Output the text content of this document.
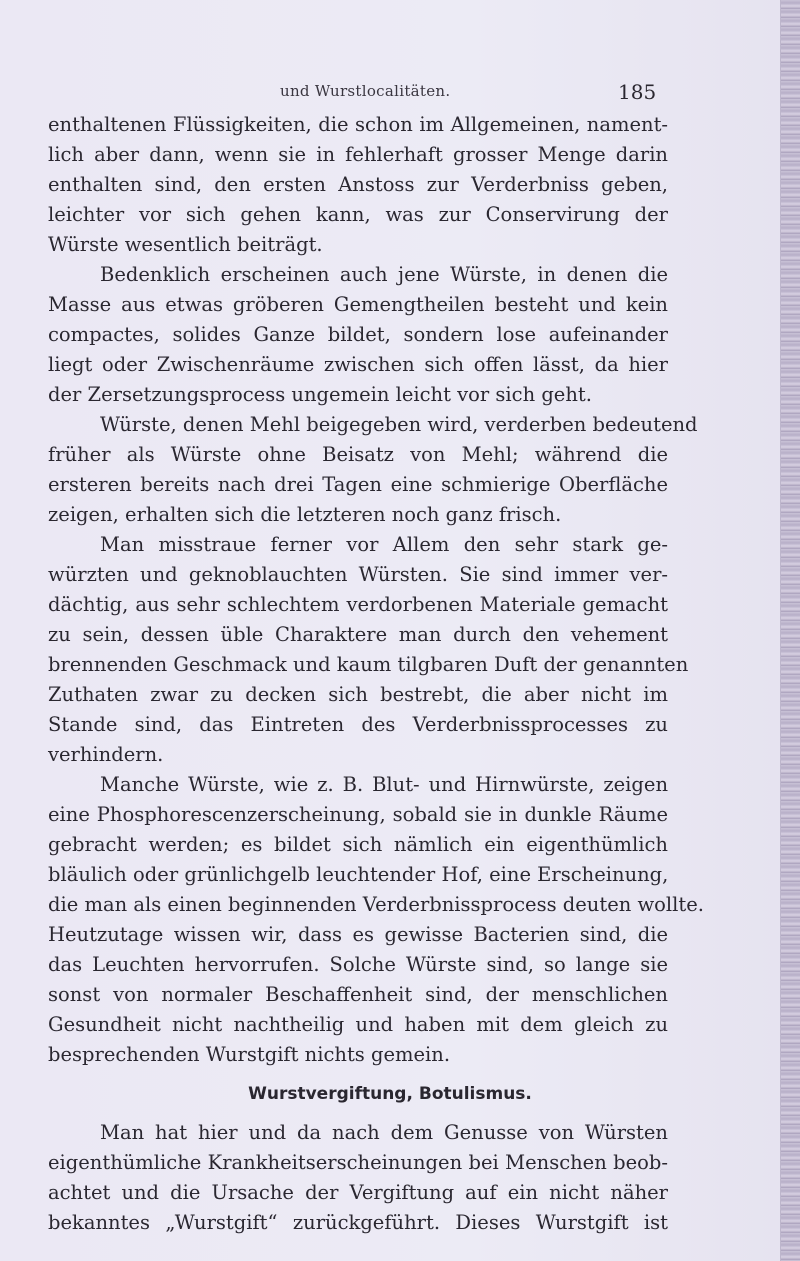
und Wurstlocalitäten.	185
enthaltenen Flüssigkeiten, die schon im Allgemeinen, nament-
lich aber dann, wenn sie in fehlerhaft grosser Menge darin
enthalten sind, den ersten Anstoss zur Verderbniss geben,
leichter vor sich gehen kann, was zur Conservirung der
Würste wesentlich beiträgt.
Bedenklich erscheinen auch jene Würste, in denen die
Masse aus etwas gröberen Gemengtheilen besteht und kein
compactes, solides Ganze bildet, sondern lose aufeinander
liegt oder Zwischenräume zwischen sich offen lässt, da hier
der Zersetzungsprocess ungemein leicht vor sich geht.
Würste, denen Mehl beigegeben wird, verderben bedeutend
früher als Würste ohne Beisatz von Mehl; während die
ersteren bereits nach drei Tagen eine schmierige Oberfläche
zeigen, erhalten sich die letzteren noch ganz frisch.
Man misstraue ferner vor Allem den sehr stark ge-
würzten und geknoblauchten Würsten. Sie sind immer ver-
dächtig, aus sehr schlechtem verdorbenen Materiale gemacht
zu sein, dessen üble Charaktere man durch den vehement
brennenden Geschmack und kaum tilgbaren Duft der genannten
Zuthaten zwar zu decken sich bestrebt, die aber nicht im
Stande sind, das Eintreten des Verderbnissprocesses zu
verhindern.
Manche Würste, wie z. B. Blut- und Hirnwürste, zeigen
eine Phosphorescenzerscheinung, sobald sie in dunkle Räume
gebracht werden; es bildet sich nämlich ein eigenthümlich
bläulich oder grünlichgelb leuchtender Hof, eine Erscheinung,
die man als einen beginnenden Verderbnissprocess deuten wollte.
Heutzutage wissen wir, dass es gewisse Bacterien sind, die
das Leuchten hervorrufen. Solche Würste sind, so lange sie
sonst von normaler Beschaffenheit sind, der menschlichen
Gesundheit nicht nachtheilig und haben mit dem gleich zu
besprechenden Wurstgift nichts gemein.
Wurstvergiftung, Botulismus.
Man hat hier und da nach dem Genusse von Würsten
eigenthümliche Krankheitserscheinungen bei Menschen beob-
achtet und die Ursache der Vergiftung auf ein nicht näher
bekanntes „Wurstgift“ zurückgeführt. Dieses Wurstgift ist
